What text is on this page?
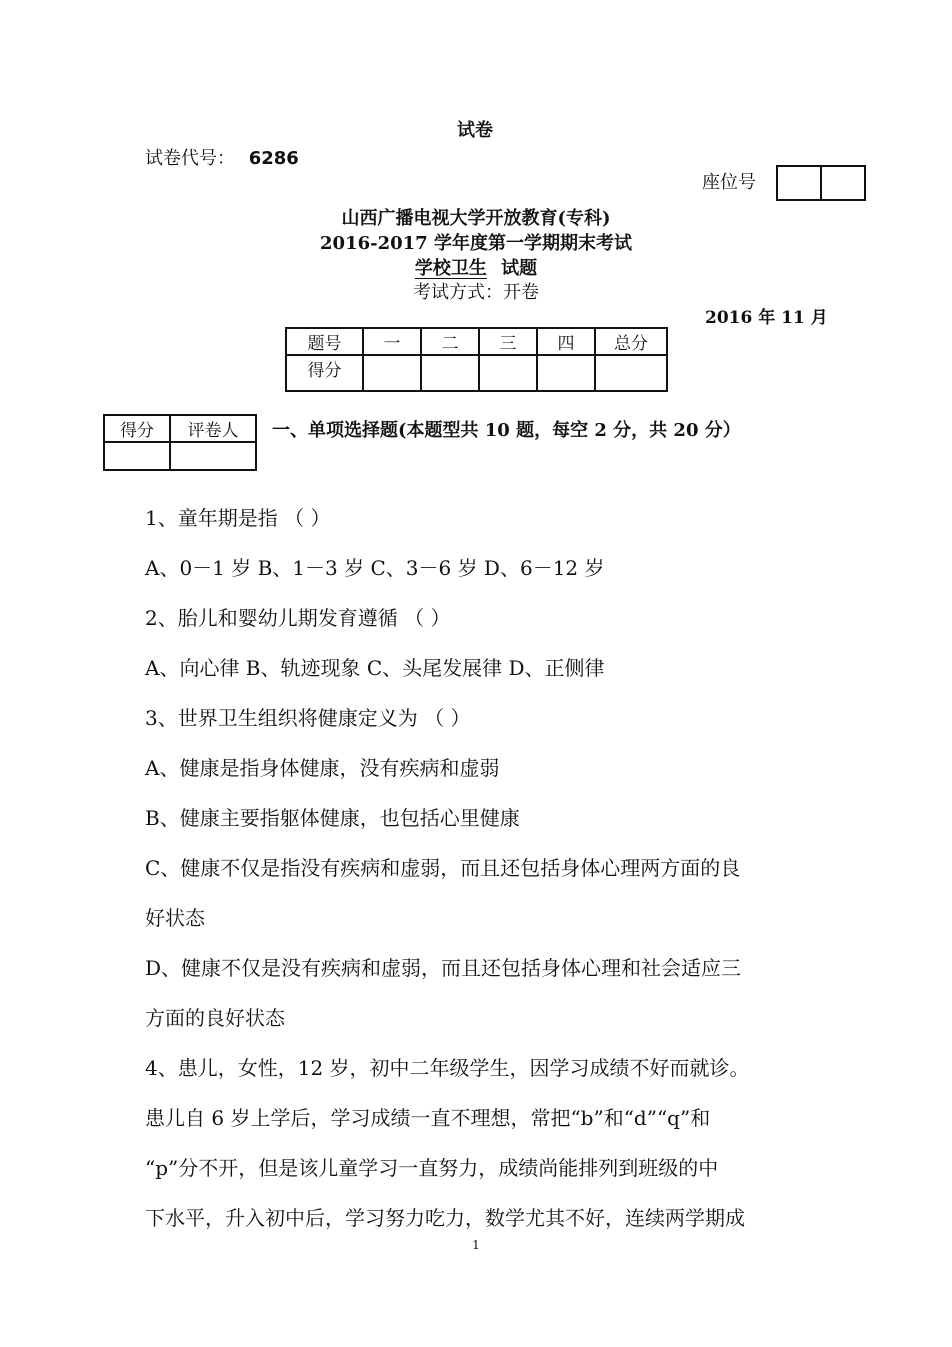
试卷
试卷代号： 6286
座位号

山西广播电视大学开放教育(专科)
2016-2017 学年度第一学期期末考试
学校卫生 试题
考试方式：开卷
2016 年 11 月
题号	一	二	三	四	总分
得分					
得分	评卷人
	一、单项选择题(本题型共 10 题，每空 2 分，共 20 分）
1、童年期是指 （ ）
A、0－1 岁 B、1－3 岁 C、3－6 岁 D、6－12 岁
2、胎儿和婴幼儿期发育遵循 （ ）
A、向心律 B、轨迹现象 C、头尾发展律 D、正侧律
3、世界卫生组织将健康定义为 （ ）
A、健康是指身体健康，没有疾病和虚弱
B、健康主要指躯体健康，也包括心里健康
C、健康不仅是指没有疾病和虚弱，而且还包括身体心理两方面的良
好状态
D、健康不仅是没有疾病和虚弱，而且还包括身体心理和社会适应三
方面的良好状态
4、患儿，女性，12 岁，初中二年级学生，因学习成绩不好而就诊。
患儿自 6 岁上学后，学习成绩一直不理想，常把“b”和“d”“q”和
“p”分不开，但是该儿童学习一直努力，成绩尚能排列到班级的中
下水平，升入初中后，学习努力吃力，数学尤其不好，连续两学期成
1
